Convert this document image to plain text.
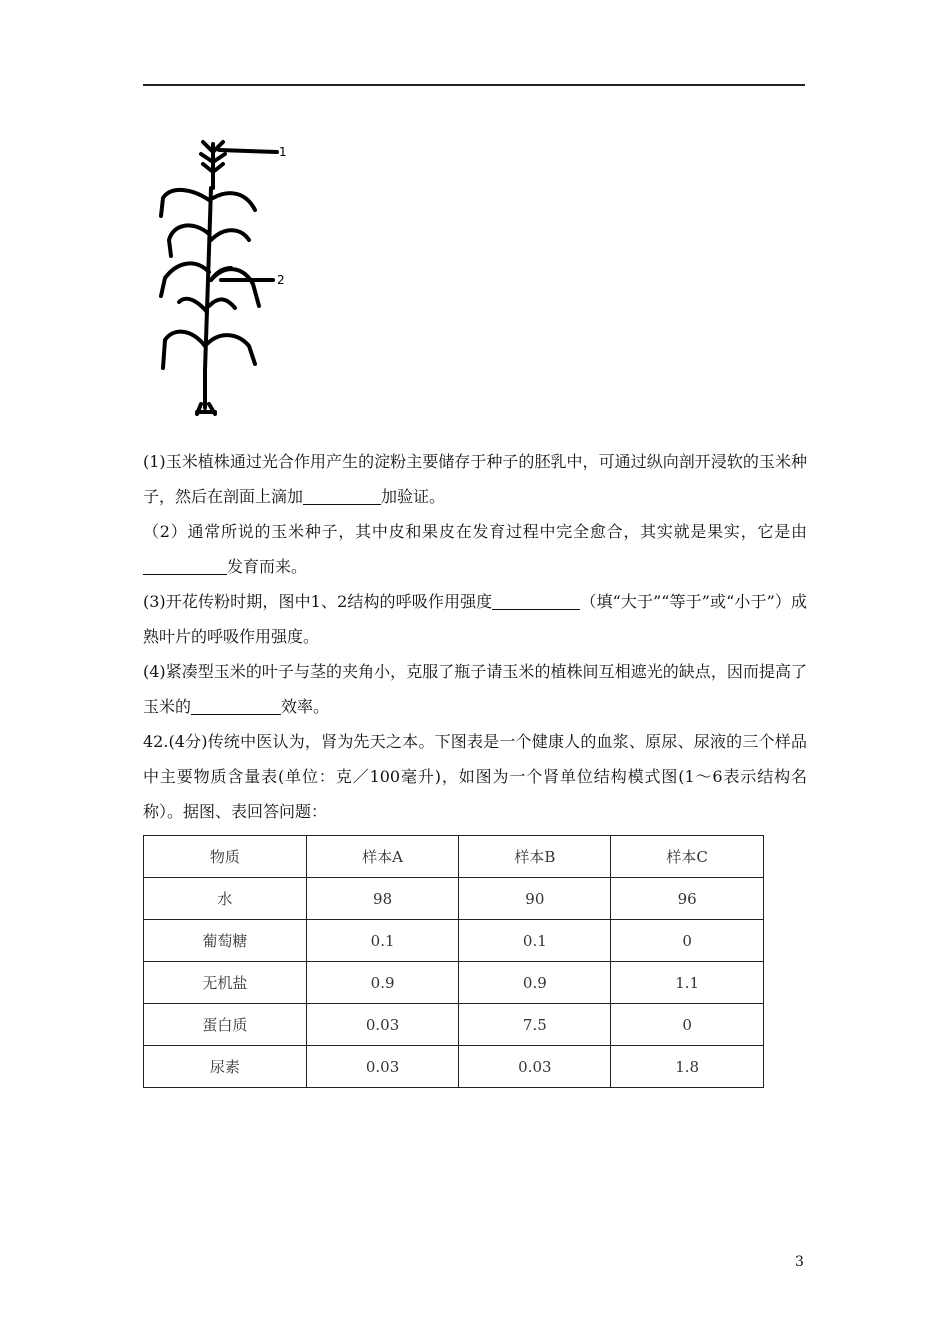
1
2

(1)玉米植株通过光合作用产生的淀粉主要储存于种子的胚乳中，可通过纵向剖开浸软的玉米种子，然后在剖面上滴加	加验证。

（2）通常所说的玉米种子，其中皮和果皮在发育过程中完全愈合，其实就是果实，它是由发育而来。

(3)开花传粉时期，图中1、2结构的呼吸作用强度	（填“大于”“等于”或“小于”）成熟叶片的呼吸作用强度。

(4)紧凑型玉米的叶子与茎的夹角小，克服了瓶子请玉米的植株间互相遮光的缺点，因而提高了玉米的	效率。

42.(4分)传统中医认为，肾为先天之本。下图表是一个健康人的血浆、原尿、尿液的三个样品中主要物质含量表(单位：克／100毫升)，如图为一个肾单位结构模式图(1～6表示结构名称）。据图、表回答问题：

物质	样本A	样本B	样本C
水	98	90	96
葡萄糖	0.1	0.1	0
无机盐	0.9	0.9	1.1
蛋白质	0.03	7.5	0
尿素	0.03	0.03	1.8
3
